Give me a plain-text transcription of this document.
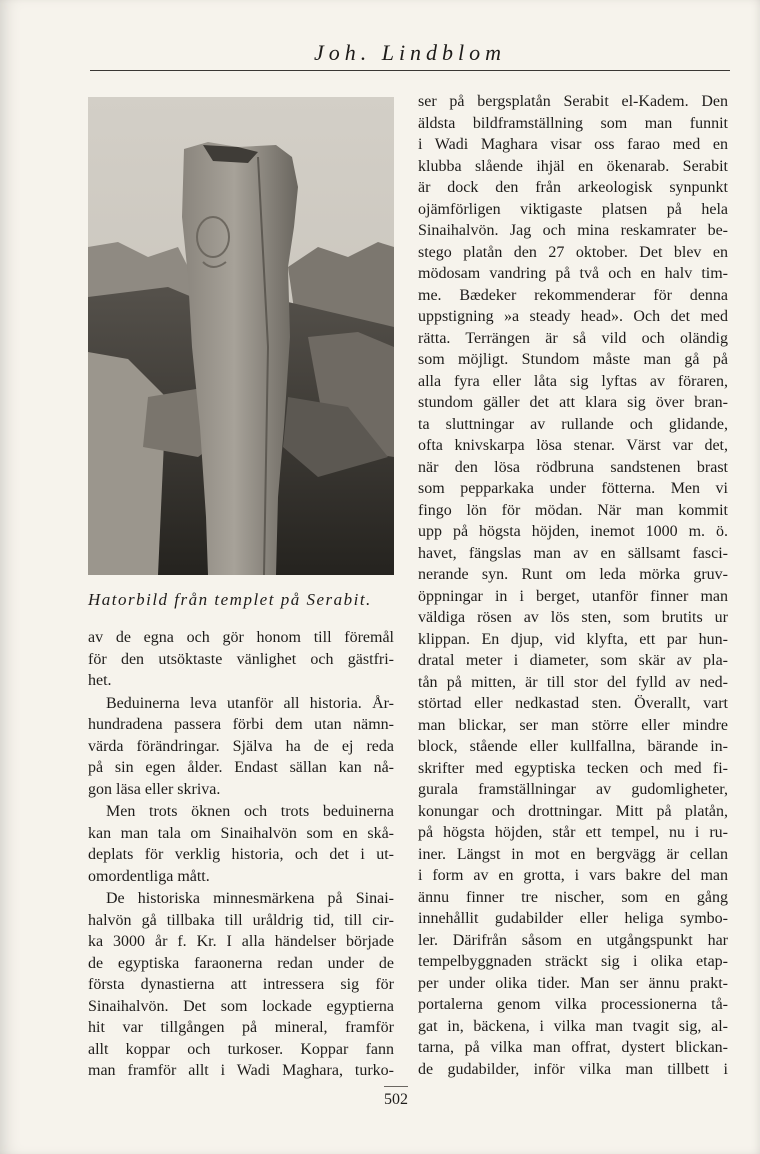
Joh. Lindblom
Hatorbild från templet på Serabit.
av de egna och gör honom till föremål
för den utsöktaste vänlighet och gästfri-
het.
Beduinerna leva utanför all historia. År-
hundradena passera förbi dem utan nämn-
värda förändringar. Själva ha de ej reda
på sin egen ålder. Endast sällan kan nå-
gon läsa eller skriva.
Men trots öknen och trots beduinerna
kan man tala om Sinaihalvön som en skå-
deplats för verklig historia, och det i ut-
omordentliga mått.
De historiska minnesmärkena på Sinai-
halvön gå tillbaka till uråldrig tid, till cir-
ka 3000 år f. Kr. I alla händelser började
de egyptiska faraonerna redan under de
första dynastierna att intressera sig för
Sinaihalvön. Det som lockade egyptierna
hit var tillgången på mineral, framför
allt koppar och turkoser. Koppar fann
man framför allt i Wadi Maghara, turko-
ser på bergsplatån Serabit el-Kadem. Den
äldsta bildframställning som man funnit
i Wadi Maghara visar oss farao med en
klubba slående ihjäl en ökenarab. Serabit
är dock den från arkeologisk synpunkt
ojämförligen viktigaste platsen på hela
Sinaihalvön. Jag och mina reskamrater be-
stego platån den 27 oktober. Det blev en
mödosam vandring på två och en halv tim-
me. Bædeker rekommenderar för denna
uppstigning »a steady head». Och det med
rätta. Terrängen är så vild och oländig
som möjligt. Stundom måste man gå på
alla fyra eller låta sig lyftas av föraren,
stundom gäller det att klara sig över bran-
ta sluttningar av rullande och glidande,
ofta knivskarpa lösa stenar. Värst var det,
när den lösa rödbruna sandstenen brast
som pepparkaka under fötterna. Men vi
fingo lön för mödan. När man kommit
upp på högsta höjden, inemot 1000 m. ö.
havet, fängslas man av en sällsamt fasci-
nerande syn. Runt om leda mörka gruv-
öppningar in i berget, utanför finner man
väldiga rösen av lös sten, som brutits ur
klippan. En djup, vid klyfta, ett par hun-
dratal meter i diameter, som skär av pla-
tån på mitten, är till stor del fylld av ned-
störtad eller nedkastad sten. Överallt, vart
man blickar, ser man större eller mindre
block, stående eller kullfallna, bärande in-
skrifter med egyptiska tecken och med fi-
gurala framställningar av gudomligheter,
konungar och drottningar. Mitt på platån,
på högsta höjden, står ett tempel, nu i ru-
iner. Längst in mot en bergvägg är cellan
i form av en grotta, i vars bakre del man
ännu finner tre nischer, som en gång
innehållit gudabilder eller heliga symbo-
ler. Därifrån såsom en utgångspunkt har
tempelbyggnaden sträckt sig i olika etap-
per under olika tider. Man ser ännu prakt-
portalerna genom vilka processionerna tå-
gat in, bäckena, i vilka man tvagit sig, al-
tarna, på vilka man offrat, dystert blickan-
de gudabilder, inför vilka man tillbett i
502
